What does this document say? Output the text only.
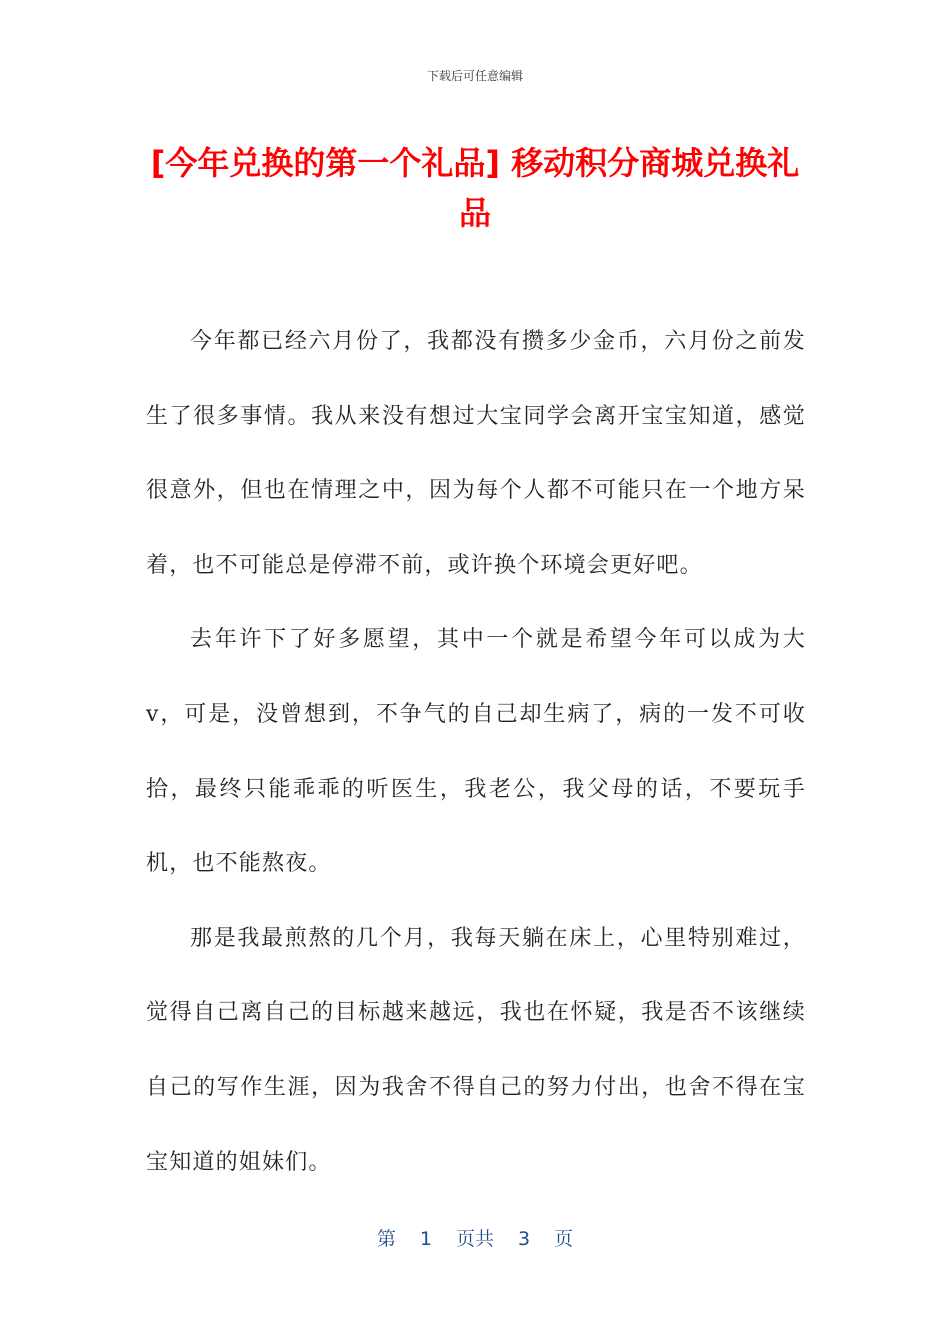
下载后可任意编辑
[今年兑换的第一个礼品] 移动积分商城兑换礼品

今年都已经六月份了，我都没有攒多少金币，六月份之前发生了很多事情。我从来没有想过大宝同学会离开宝宝知道，感觉很意外，但也在情理之中，因为每个人都不可能只在一个地方呆着，也不可能总是停滞不前，或许换个环境会更好吧。

去年许下了好多愿望，其中一个就是希望今年可以成为大v，可是，没曾想到，不争气的自己却生病了，病的一发不可收拾，最终只能乖乖的听医生，我老公，我父母的话，不要玩手机，也不能熬夜。

那是我最煎熬的几个月，我每天躺在床上，心里特别难过，觉得自己离自己的目标越来越远，我也在怀疑，我是否不该继续自己的写作生涯，因为我舍不得自己的努力付出，也舍不得在宝宝知道的姐妹们。

第 1 页共 3 页
